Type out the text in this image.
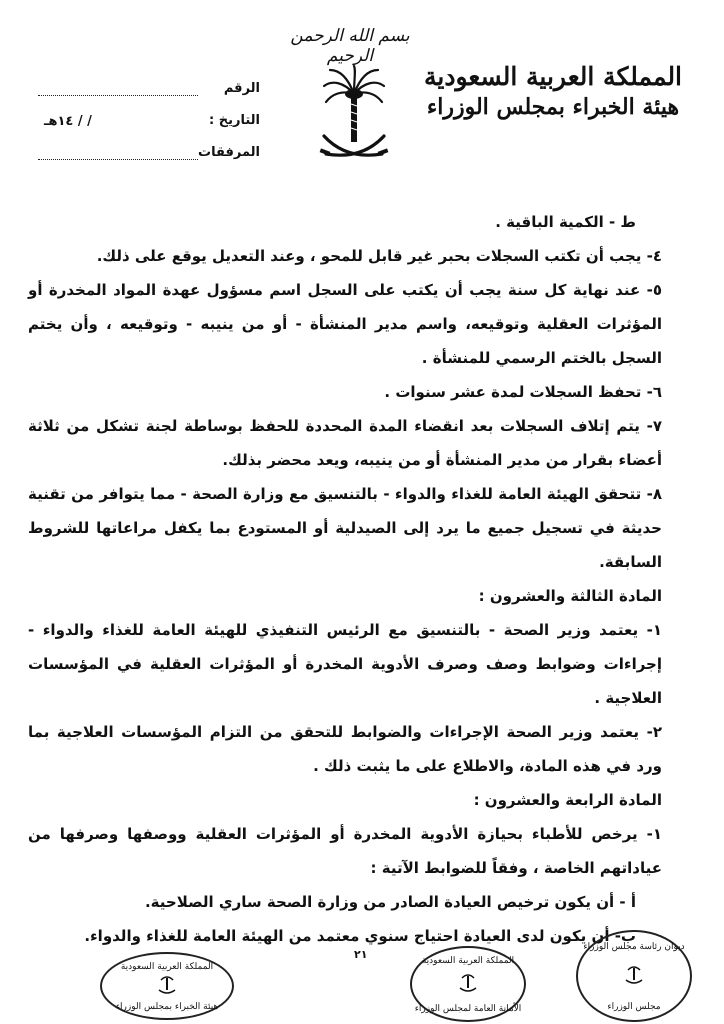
بسم الله الرحمن الرحيم
المملكة العربية السعودية
هيئة الخبراء بمجلس الوزراء
الرقم
التاريخ :
/ / ١٤هـ
المرفقات

ط - الكمية الباقية .

٤- يجب أن تكتب السجلات بحبر غير قابل للمحو ، وعند التعديل يوقع على ذلك.

٥- عند نهاية كل سنة يجب أن يكتب على السجل اسم مسؤول عهدة المواد المخدرة أو المؤثرات العقلية وتوقيعه، واسم مدير المنشأة - أو من ينيبه - وتوقيعه ، وأن يختم السجل بالختم الرسمي للمنشأة .

٦- تحفظ السجلات لمدة عشر سنوات .

٧- يتم إتلاف السجلات بعد انقضاء المدة المحددة للحفظ بوساطة لجنة تشكل من ثلاثة أعضاء بقرار من مدير المنشأة أو من ينيبه، ويعد محضر بذلك.

٨- تتحقق الهيئة العامة للغذاء والدواء - بالتنسيق مع وزارة الصحة - مما يتوافر من تقنية حديثة في تسجيل جميع ما يرد إلى الصيدلية أو المستودع بما يكفل مراعاتها للشروط السابقة.

المادة الثالثة والعشرون :

١- يعتمد وزير الصحة - بالتنسيق مع الرئيس التنفيذي للهيئة العامة للغذاء والدواء - إجراءات وضوابط وصف وصرف الأدوية المخدرة أو المؤثرات العقلية في المؤسسات العلاجية .

٢- يعتمد وزير الصحة الإجراءات والضوابط للتحقق من التزام المؤسسات العلاجية بما ورد في هذه المادة، والاطلاع على ما يثبت ذلك .

المادة الرابعة والعشرون :

١- يرخص للأطباء بحيازة الأدوية المخدرة أو المؤثرات العقلية ووصفها وصرفها من عياداتهم الخاصة ، وفقاً للضوابط الآتية :

أ - أن يكون ترخيص العيادة الصادر من وزارة الصحة ساري الصلاحية.

ب- أن يكون لدى العيادة احتياج سنوي معتمد من الهيئة العامة للغذاء والدواء.

٢١
المملكة العربية السعودية
هيئة الخبراء بمجلس الوزراء
المملكة العربية السعودية
الأمانة العامة لمجلس الوزراء
ديوان رئاسة مجلس الوزراء
مجلس الوزراء
